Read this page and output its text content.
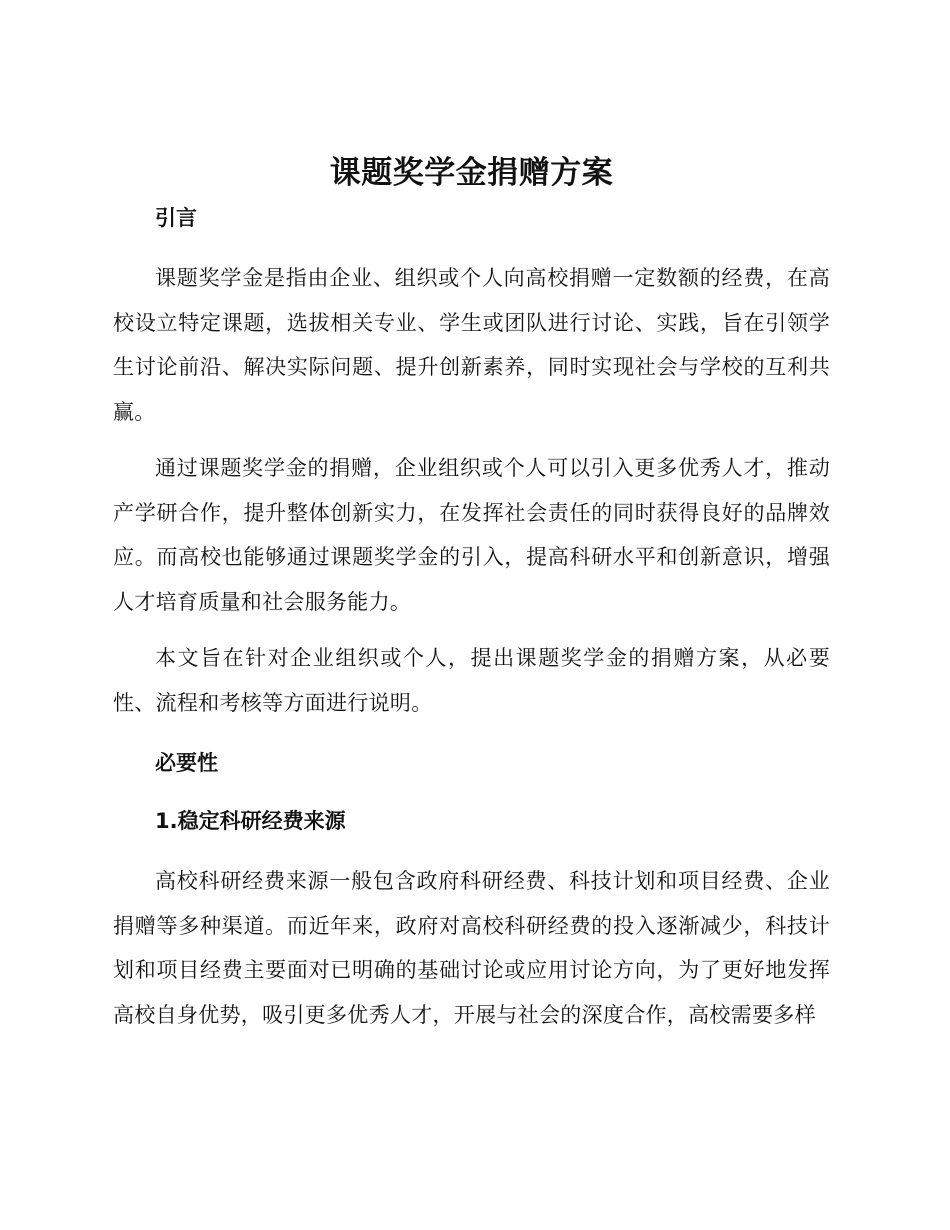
课题奖学金捐赠方案
引言

课题奖学金是指由企业、组织或个人向高校捐赠一定数额的经费，在高校设立特定课题，选拔相关专业、学生或团队进行讨论、实践，旨在引领学生讨论前沿、解决实际问题、提升创新素养，同时实现社会与学校的互利共赢。

通过课题奖学金的捐赠，企业组织或个人可以引入更多优秀人才，推动产学研合作，提升整体创新实力，在发挥社会责任的同时获得良好的品牌效应。而高校也能够通过课题奖学金的引入，提高科研水平和创新意识，增强人才培育质量和社会服务能力。

本文旨在针对企业组织或个人，提出课题奖学金的捐赠方案，从必要性、流程和考核等方面进行说明。

必要性
1.稳定科研经费来源

高校科研经费来源一般包含政府科研经费、科技计划和项目经费、企业捐赠等多种渠道。而近年来，政府对高校科研经费的投入逐渐减少，科技计划和项目经费主要面对已明确的基础讨论或应用讨论方向，为了更好地发挥高校自身优势，吸引更多优秀人才，开展与社会的深度合作，高校需要多样
